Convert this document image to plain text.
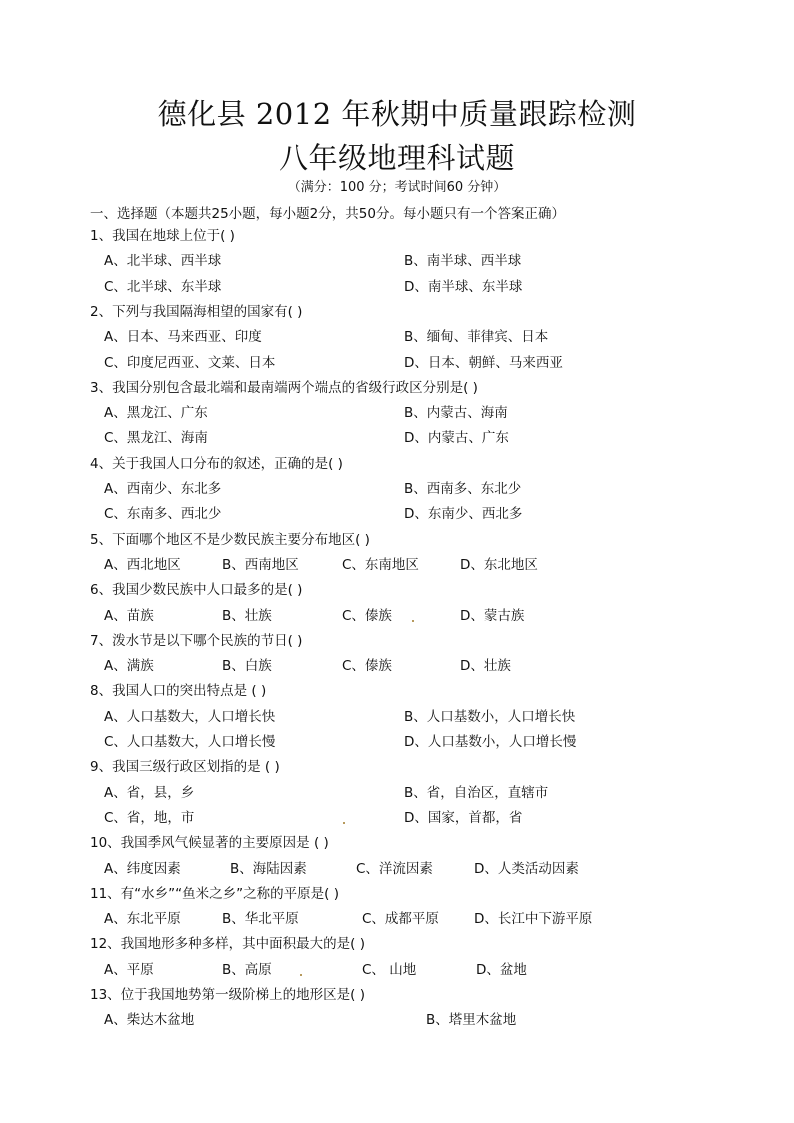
德化县 2012 年秋期中质量跟踪检测
八年级地理科试题
（满分：100 分；考试时间60 分钟）
一、选择题（本题共25小题，每小题2分，共50分。每小题只有一个答案正确）
1、我国在地球上位于( )
A、北半球、西半球	B、南半球、西半球
C、北半球、东半球	D、南半球、东半球
2、下列与我国隔海相望的国家有( )
A、日本、马来西亚、印度	B、缅甸、菲律宾、日本
C、印度尼西亚、文莱、日本	D、日本、朝鲜、马来西亚
3、我国分别包含最北端和最南端两个端点的省级行政区分别是( )
A、黑龙江、广东	B、内蒙古、海南
C、黑龙江、海南	D、内蒙古、广东
4、关于我国人口分布的叙述，正确的是( )
A、西南少、东北多	B、西南多、东北少
C、东南多、西北少	D、东南少、西北多
5、下面哪个地区不是少数民族主要分布地区( )
A、西北地区	B、西南地区	C、东南地区	D、东北地区
6、我国少数民族中人口最多的是( )
A、苗族	B、壮族	C、傣族	D、蒙古族
7、泼水节是以下哪个民族的节日( )
A、满族	B、白族	C、傣族	D、壮族
8、我国人口的突出特点是 ( )
A、人口基数大，人口增长快	B、人口基数小，人口增长快
C、人口基数大，人口增长慢	D、人口基数小，人口增长慢
9、我国三级行政区划指的是 ( )
A、省，县，乡	B、省，自治区，直辖市
C、省，地，市	D、国家，首都，省
10、我国季风气候显著的主要原因是 ( )
A、纬度因素	B、海陆因素	C、洋流因素	D、人类活动因素
11、有“水乡”“鱼米之乡”之称的平原是( )
A、东北平原	B、华北平原	C、成都平原	D、长江中下游平原
12、我国地形多种多样，其中面积最大的是( )
A、平原	B、高原	C、 山地	D、盆地
13、位于我国地势第一级阶梯上的地形区是( )
A、柴达木盆地	B、塔里木盆地
